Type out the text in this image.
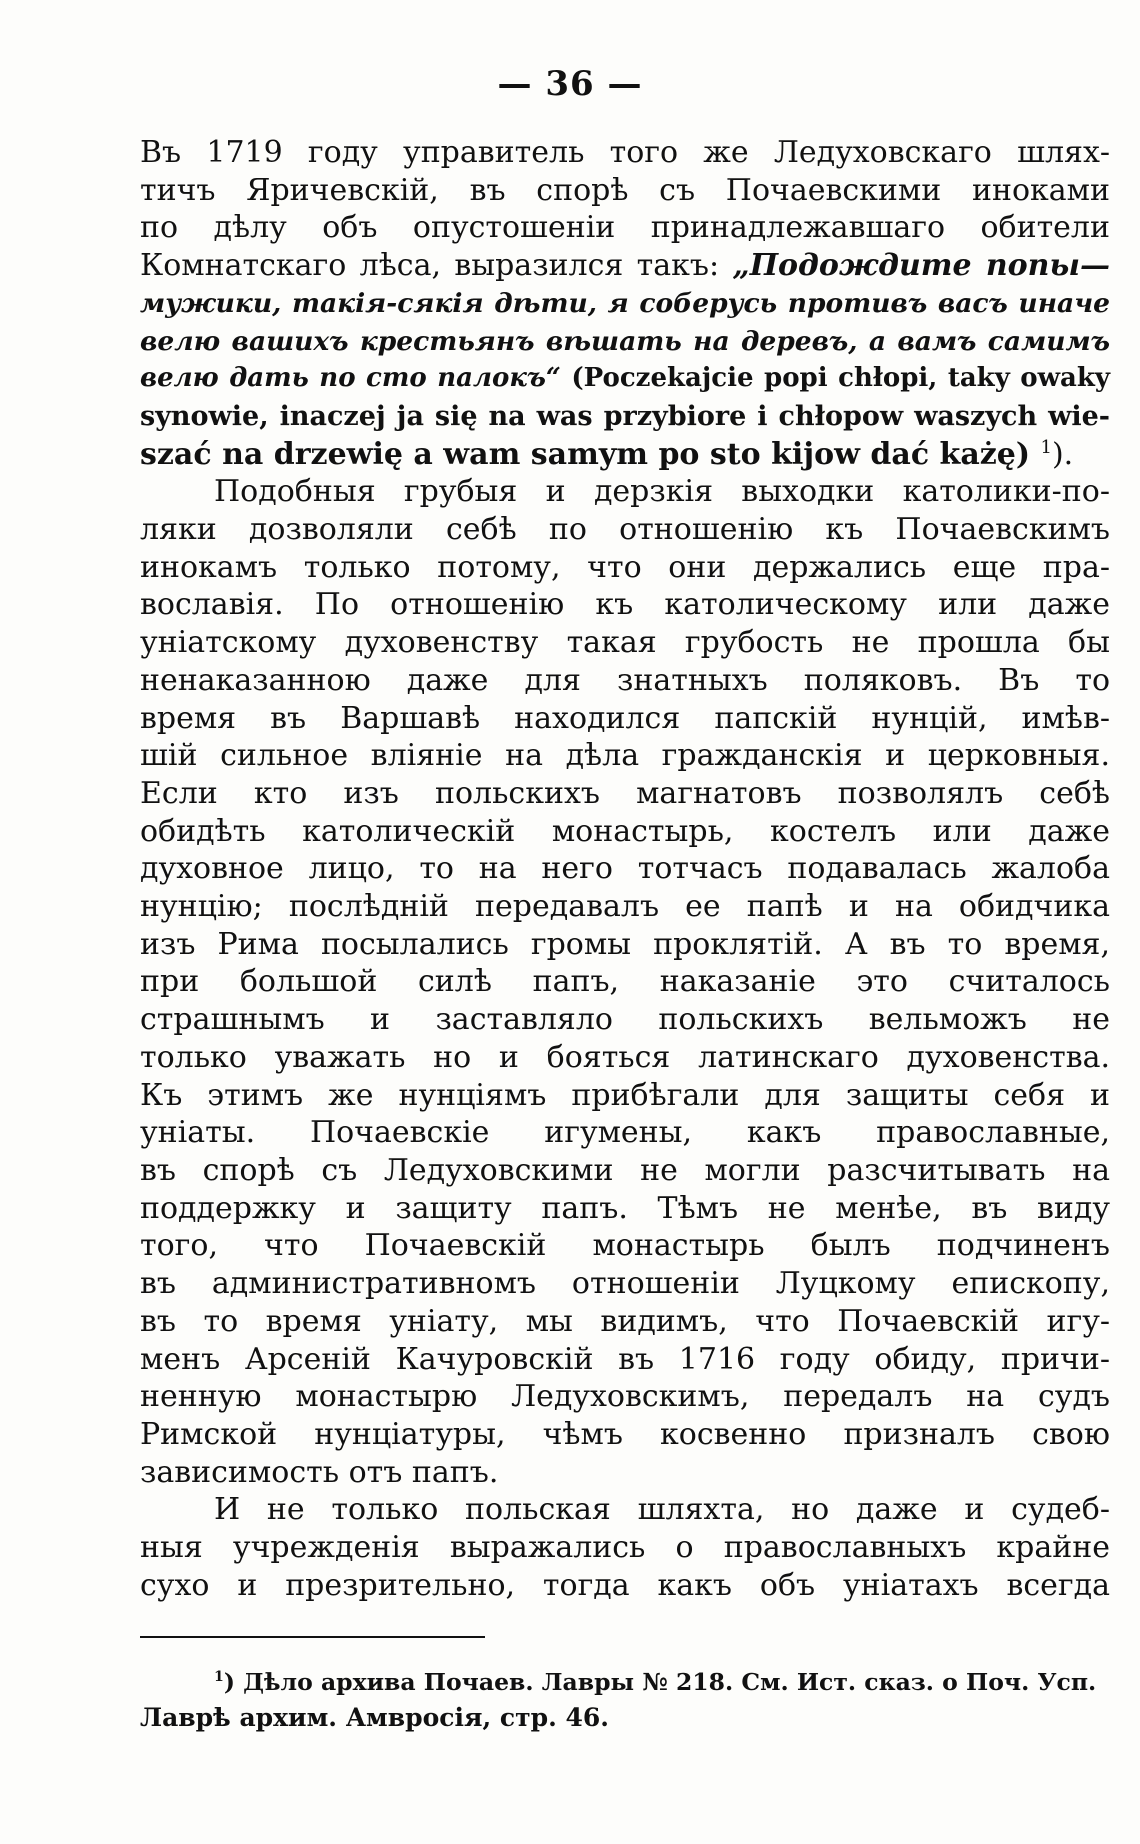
— 36 —
Въ 1719 году управитель того же Ледуховскаго шлях-
тичъ Яричевскій, въ спорѣ съ Почаевскими иноками
по дѣлу объ опустошеніи принадлежавшаго обители
Комнатскаго лѣса, выразился такъ: „Подождите попы—
мужики, такія-сякія дѣти, я соберусь противъ васъ иначе
велю вашихъ крестьянъ вѣшать на деревъ, а вамъ самимъ
велю дать по сто палокъ“ (Poczekajcie popi chłopi, taky owaky
synowie, inaczej ja się na was przybiore i chłopow waszych wie-
szać na drzewię a wam samym po sto kijow dać każę) $^1$).
Подобныя грубыя и дерзкія выходки католики-по-
ляки дозволяли себѣ по отношенію къ Почаевскимъ
инокамъ только потому, что они держались еще пра-
вославія. По отношенію къ католическому или даже
уніатскому духовенству такая грубость не прошла бы
ненаказанною даже для знатныхъ поляковъ. Въ то
время въ Варшавѣ находился папскій нунцій, имѣв-
шій сильное вліяніе на дѣла гражданскія и церковныя.
Если кто изъ польскихъ магнатовъ позволялъ себѣ
обидѣть католическій монастырь, костелъ или даже
духовное лицо, то на него тотчасъ подавалась жалоба
нунцію; послѣдній передавалъ ее папѣ и на обидчика
изъ Рима посылались громы проклятій. А въ то время,
при большой силѣ папъ, наказаніе это считалось
страшнымъ и заставляло польскихъ вельможъ не
только уважать но и бояться латинскаго духовенства.
Къ этимъ же нунціямъ прибѣгали для защиты себя и
уніаты. Почаевскіе игумены, какъ православные,
въ спорѣ съ Ледуховскими не могли разсчитывать на
поддержку и защиту папъ. Тѣмъ не менѣе, въ виду
того, что Почаевскій монастырь былъ подчиненъ
въ административномъ отношеніи Луцкому епископу,
въ то время уніату, мы видимъ, что Почаевскій игу-
менъ Арсеній Качуровскій въ 1716 году обиду, причи-
ненную монастырю Ледуховскимъ, передалъ на судъ
Римской нунціатуры, чѣмъ косвенно призналъ свою
зависимость отъ папъ.
И не только польская шляхта, но даже и судеб-
ныя учрежденія выражались о православныхъ крайне
сухо и презрительно, тогда какъ объ уніатахъ всегда
$^1$) Дѣло архива Почаев. Лавры № 218. См. Ист. сказ. о Поч. Усп.
Лаврѣ архим. Амвросія, стр. 46.
